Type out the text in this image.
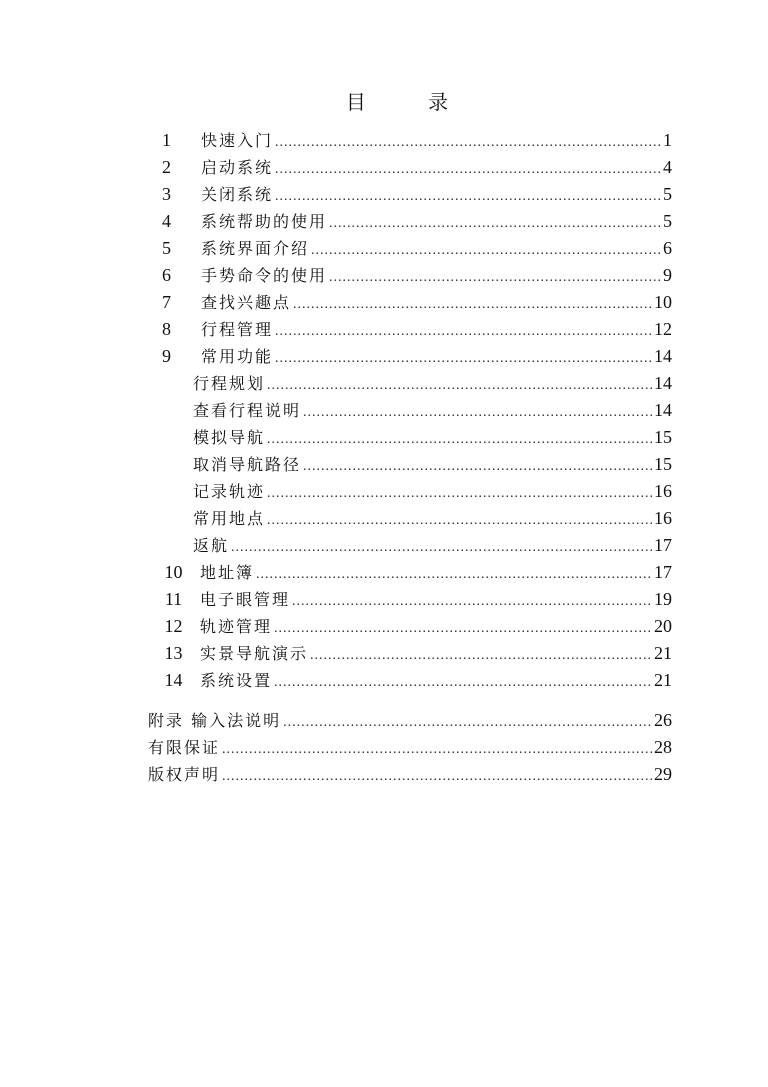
目 录
1	快速入门 .....	1
2	启动系统 .....	4
3	关闭系统 .....	5
4	系统帮助的使用 .....	5
5	系统界面介绍 .....	6
6	手势命令的使用 .....	9
7	查找兴趣点 .....	10
8	行程管理 .....	12
9	常用功能 .....	14
行程规划 .....	14
查看行程说明 .....	14
模拟导航 .....	15
取消导航路径 .....	15
记录轨迹 .....	16
常用地点 .....	16
返航 .....	17
10	地址簿 .....	17
11	电子眼管理 .....	19
12	轨迹管理 .....	20
13	实景导航演示 .....	21
14	系统设置 .....	21
附录 输入法说明 .....	26
有限保证 .....	28
版权声明 .....	29
